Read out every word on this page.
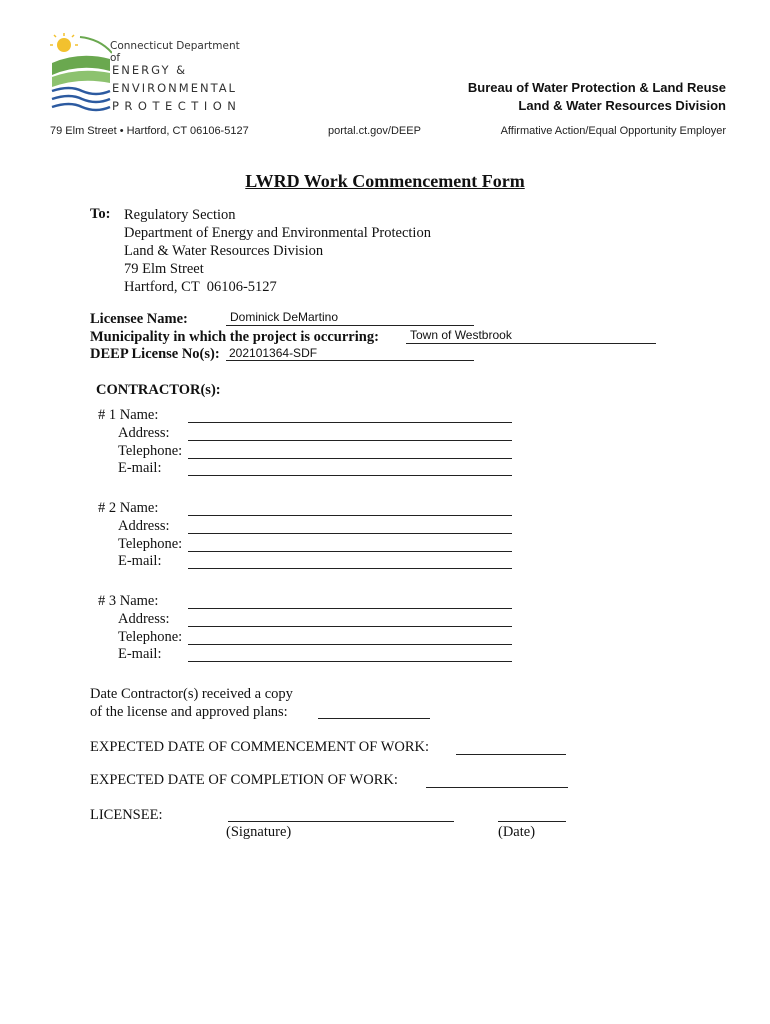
Connecticut Department of
ENERGY &
ENVIRONMENTAL
PROTECTION
Bureau of Water Protection & Land Reuse
Land & Water Resources Division
79 Elm Street • Hartford, CT 06106-5127	portal.ct.gov/DEEP	Affirmative Action/Equal Opportunity Employer
LWRD Work Commencement Form
To: Regulatory Section
Department of Energy and Environmental Protection
Land & Water Resources Division
79 Elm Street
Hartford, CT  06106-5127
Licensee Name:
Dominick DeMartino
Municipality in which the project is occurring:
Town of Westbrook
DEEP License No(s):
202101364-SDF
CONTRACTOR(s):
# 1 Name:
Address:
Telephone:
E-mail:
# 2 Name:
Address:
Telephone:
E-mail:
# 3 Name:
Address:
Telephone:
E-mail:
Date Contractor(s) received a copy
of the license and approved plans:
EXPECTED DATE OF COMMENCEMENT OF WORK:
EXPECTED DATE OF COMPLETION OF WORK:
LICENSEE:
(Signature)	(Date)
